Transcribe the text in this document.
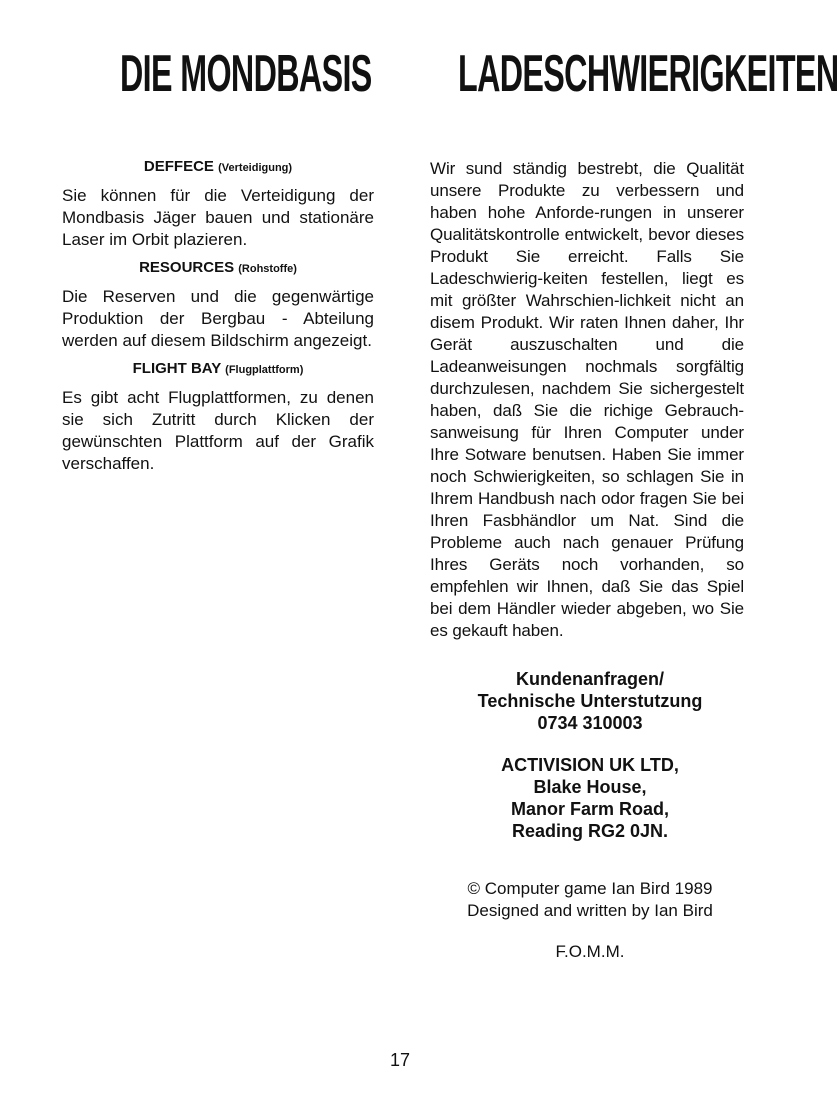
DIE MONDBASIS LADESCHWIERIGKEITEN
DEFFECE (Verteidigung)

Sie können für die Verteidigung der Mondbasis Jäger bauen und stationäre Laser im Orbit plazieren.

RESOURCES (Rohstoffe)

Die Reserven und die gegenwärtige Produktion der Bergbau - Abteilung werden auf diesem Bildschirm angezeigt.

FLIGHT BAY (Flugplattform)

Es gibt acht Flugplattformen, zu denen sie sich Zutritt durch Klicken der gewünschten Plattform auf der Grafik verschaffen.

Wir sund ständig bestrebt, die Qualität unsere Produkte zu verbessern und haben hohe Anforde-rungen in unserer Qualitätskontrolle entwickelt, bevor dieses Produkt Sie erreicht. Falls Sie Ladeschwierig-keiten festellen, liegt es mit größter Wahrschien-lichkeit nicht an disem Produkt. Wir raten Ihnen daher, Ihr Gerät auszuschalten und die Ladeanweisungen nochmals sorgfältig durchzulesen, nachdem Sie sichergestelt haben, daß Sie die richige Gebrauch-sanweisung für Ihren Computer under Ihre Sotware benutsen. Haben Sie immer noch Schwierigkeiten, so schlagen Sie in Ihrem Handbush nach odor fragen Sie bei Ihren Fasbhändlor um Nat. Sind die Probleme auch nach genauer Prüfung Ihres Geräts noch vorhanden, so empfehlen wir Ihnen, daß Sie das Spiel bei dem Händler wieder abgeben, wo Sie es gekauft haben.

Kundenanfragen/
Technische Unterstutzung
0734 310003
ACTIVISION UK LTD,
Blake House,
Manor Farm Road,
Reading RG2 0JN.
© Computer game Ian Bird 1989
Designed and written by Ian Bird
F.O.M.M.
17
